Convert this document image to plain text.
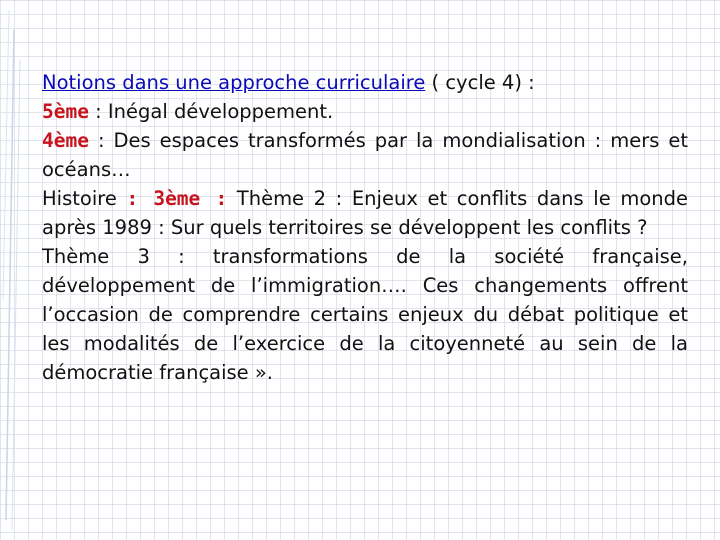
Notions dans une approche curriculaire ( cycle 4) :

5ème : Inégal développement.

4ème : Des espaces transformés par la mondialisation : mers et océans…

Histoire : 3ème : Thème 2 : Enjeux et conflits dans le monde après 1989 : Sur quels territoires se développent les conflits ?

Thème 3 : transformations de la société française, développement de l’immigration…. Ces changements offrent l’occasion de comprendre certains enjeux du débat politique et les modalités de l’exercice de la citoyenneté au sein de la démocratie française ».
